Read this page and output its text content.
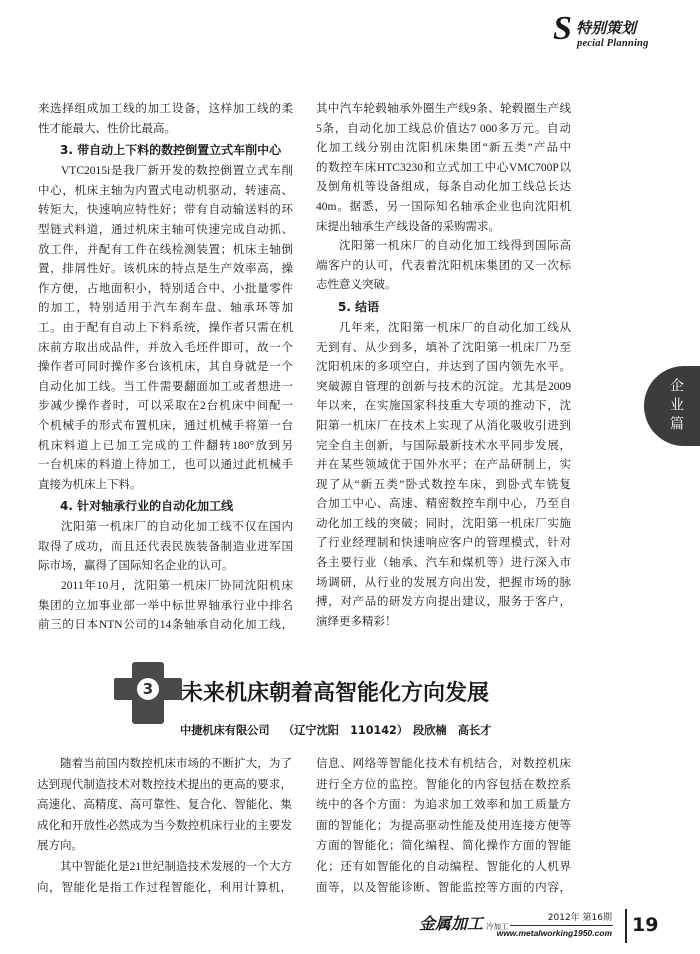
S 特别策划
pecial Planning
企业篇
来选择组成加工线的加工设备，这样加工线的柔
性才能最大、性价比最高。
3. 带自动上下料的数控倒置立式车削中心
VTC2015i是我厂新开发的数控倒置立式车削
中心，机床主轴为内置式电动机驱动，转速高、
转矩大，快速响应特性好；带有自动输送料的环
型链式料道，通过机床主轴可快速完成自动抓、
放工件，并配有工件在线检测装置；机床主轴倒
置，排屑性好。该机床的特点是生产效率高，操
作方便，占地面积小，特别适合中、小批量零件
的加工，特别适用于汽车刹车盘、轴承环等加
工。由于配有自动上下料系统，操作者只需在机
床前方取出成品件，并放入毛坯件即可，故一个
操作者可同时操作多台该机床，其自身就是一个
自动化加工线。当工件需要翻面加工或者想进一
步减少操作者时，可以采取在2台机床中间配一
个机械手的形式布置机床，通过机械手将第一台
机床料道上已加工完成的工件翻转180°放到另
一台机床的料道上待加工，也可以通过此机械手
直接为机床上下料。
4. 针对轴承行业的自动化加工线
沈阳第一机床厂的自动化加工线不仅在国内
取得了成功，而且还代表民族装备制造业进军国
际市场，赢得了国际知名企业的认可。
2011年10月，沈阳第一机床厂协同沈阳机床
集团的立加事业部一举中标世界轴承行业中排名
前三的日本NTN公司的14条轴承自动化加工线，
其中汽车轮毂轴承外圈生产线9条、轮毂圈生产线
5条，自动化加工线总价值达7 000多万元。自动
化加工线分别由沈阳机床集团“新五类”产品中
的数控车床HTC3230和立式加工中心VMC700P以
及倒角机等设备组成，每条自动化加工线总长达
40m。据悉，另一国际知名轴承企业也向沈阳机
床提出轴承生产线设备的采购需求。
沈阳第一机床厂的自动化加工线得到国际高
端客户的认可，代表着沈阳机床集团的又一次标
志性意义突破。
5. 结语
几年来，沈阳第一机床厂的自动化加工线从
无到有、从少到多，填补了沈阳第一机床厂乃至
沈阳机床的多项空白，并达到了国内领先水平。
突破源自管理的创新与技术的沉淀。尤其是2009
年以来，在实施国家科技重大专项的推动下，沈
阳第一机床厂在技术上实现了从消化吸收引进到
完全自主创新，与国际最新技术水平同步发展，
并在某些领域优于国外水平；在产品研制上，实
现了从“新五类”卧式数控车床，到卧式车铣复
合加工中心、高速、精密数控车削中心，乃至自
动化加工线的突破；同时，沈阳第一机床厂实施
了行业经理制和快速响应客户的管理模式，针对
各主要行业（轴承、汽车和煤机等）进行深入市
场调研，从行业的发展方向出发，把握市场的脉
搏，对产品的研发方向提出建议，服务于客户，
演绎更多精彩！
3 未来机床朝着高智能化方向发展
中捷机床有限公司 （辽宁沈阳　110142） 段欣楠　高长才
随着当前国内数控机床市场的不断扩大，为了
达到现代制造技术对数控技术提出的更高的要求，
高速化、高精度、高可靠性、复合化、智能化、集
成化和开放性必然成为当今数控机床行业的主要发
展方向。
其中智能化是21世纪制造技术发展的一个大方
向，智能化是指工作过程智能化，利用计算机，
信息、网络等智能化技术有机结合，对数控机床
进行全方位的监控。智能化的内容包括在数控系
统中的各个方面：为追求加工效率和加工质量方
面的智能化；为提高驱动性能及使用连接方便等
方面的智能化；简化编程、简化操作方面的智能
化；还有如智能化的自动编程、智能化的人机界
面等，以及智能诊断、智能监控等方面的内容，
金属加工 冷加工
2012年 第16期
www.metalworking1950.com 19
